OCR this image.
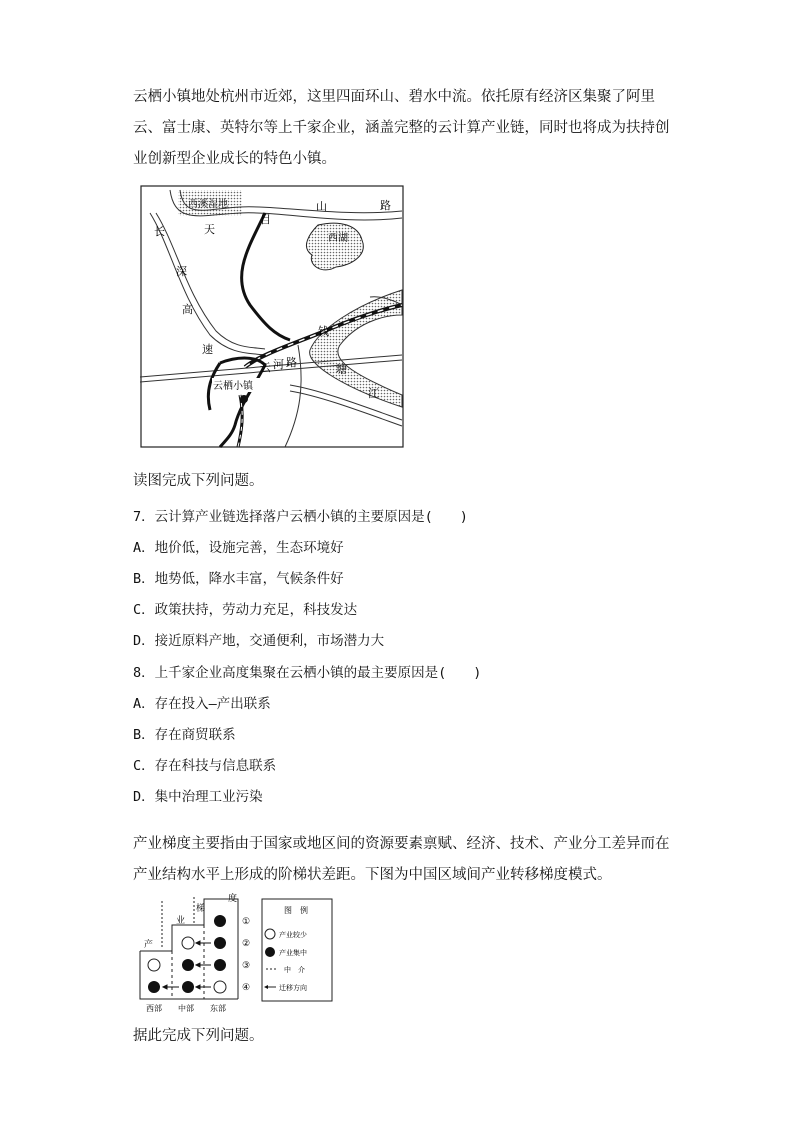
云栖小镇地处杭州市近郊，这里四面环山、碧水中流。依托原有经济区集聚了阿里云、富士康、英特尔等上千家企业，涵盖完整的云计算产业链，同时也将成为扶持创业创新型企业成长的特色小镇。

西溪湿地
天
目
山	路
西湖
长
深
高
速
钱
塘
江
云 河 路
云栖小镇
读图完成下列问题。
7．云计算产业链选择落户云栖小镇的主要原因是(　　)
A．地价低，设施完善，生态环境好
B．地势低，降水丰富，气候条件好
C．政策扶持，劳动力充足，科技发达
D．接近原料产地，交通便利，市场潜力大
8．上千家企业高度集聚在云栖小镇的最主要原因是(　　)
A．存在投入—产出联系
B．存在商贸联系
C．存在科技与信息联系
D．集中治理工业污染

产业梯度主要指由于国家或地区间的资源要素禀赋、经济、技术、产业分工差异而在产业结构水平上形成的阶梯状差距。下图为中国区域间产业转移梯度模式。

产
业
梯
度
①
②
③
④
西部 中部 东部
图　例
产业较少
产业集中
中　介
迁移方向
据此完成下列问题。
